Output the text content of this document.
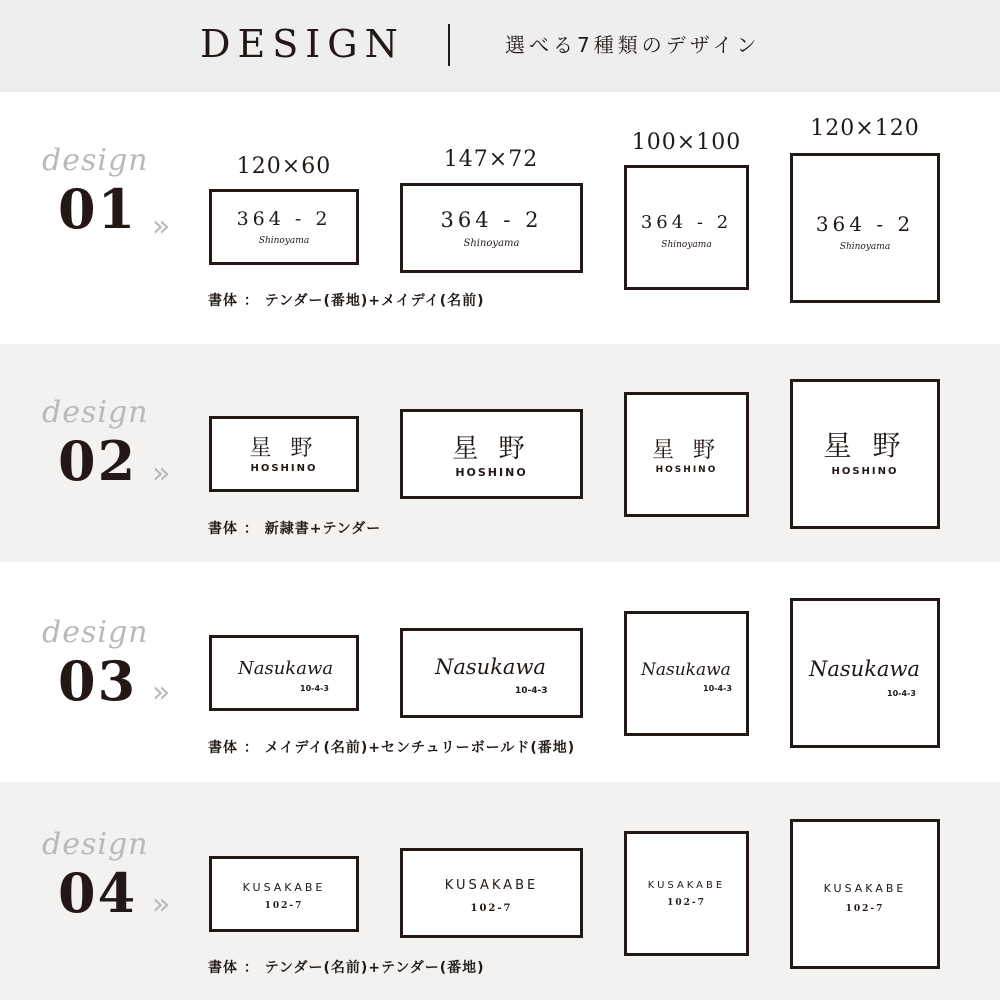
DESIGN	選べる7種類のデザイン
design
01 »
120×60	147×72
100×100
120×120
364 - 2
Shinoyama
364 - 2
Shinoyama
364 - 2
Shinoyama
364 - 2
Shinoyama
書体 ： テンダー(番地)+メイデイ(名前)
design
02 »
星 野
HOSHINO
星 野
HOSHINO
星 野
HOSHINO
星 野
HOSHINO
書体 ： 新隷書+テンダー
design
03 »
Nasukawa
10-4-3
Nasukawa
10-4-3
Nasukawa
10-4-3
Nasukawa
10-4-3
書体 ： メイデイ(名前)+センチュリーボールド(番地)
design
04 »	KUSAKABE
102-7
KUSAKABE
102-7
KUSAKABE
102-7
KUSAKABE
102-7
書体 ： テンダー(名前)+テンダー(番地)
